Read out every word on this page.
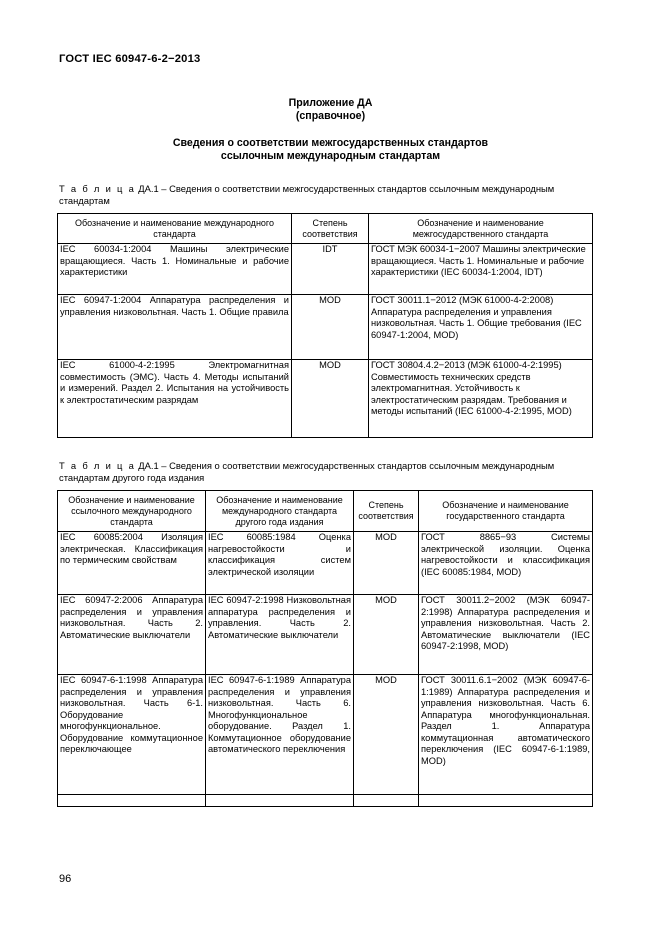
ГОСТ IEC 60947-6-2−2013
Приложение ДА
(справочное)
Сведения о соответствии межгосударственных стандартов
ссылочным международным стандартам
Т а б л и ц а ДА.1 – Сведения о соответствии межгосударственных стандартов ссылочным международным стандартам
Обозначение и наименование международного стандарта	Степень соответствия	Обозначение и наименование межгосударственного стандарта
IEC 60034-1:2004 Машины электрические вращающиеся. Часть 1. Номинальные и рабочие характеристики	IDT	ГОСТ МЭК 60034-1−2007 Машины электрические вращающиеся. Часть 1. Номинальные и рабочие характеристики (IEC 60034-1:2004, IDT)
IEC 60947-1:2004 Аппаратура распределения и управления низковольтная. Часть 1. Общие правила	MOD	ГОСТ 30011.1−2012 (МЭК 61000-4-2:2008) Аппаратура распределения и управления низковольтная. Часть 1. Общие требования (IEC 60947-1:2004, MOD)
IEC 61000-4-2:1995 Электромагнитная совместимость (ЭМС). Часть 4. Методы испытаний и измерений. Раздел 2. Испытания на устойчивость к электростатическим разрядам	MOD	ГОСТ 30804.4.2−2013 (МЭК 61000-4-2:1995) Совместимость технических средств электромагнитная. Устойчивость к электростатическим разрядам. Требования и методы испытаний (IEC 61000-4-2:1995, MOD)
Т а б л и ц а ДА.1 – Сведения о соответствии межгосударственных стандартов ссылочным международным стандартам другого года издания
Обозначение и наименование ссылочного международного стандарта	Обозначение и наименование международного стандарта другого года издания	Степень соответствия	Обозначение и наименование государственного стандарта
IEC 60085:2004 Изоляция электрическая. Классификация по термическим свойствам	IEC 60085:1984 Оценка нагревостойкости и классификация систем электрической изоляции	MOD	ГОСТ 8865−93 Системы электрической изоляции. Оценка нагревостойкости и классификация (IEC 60085:1984, MOD)
IEC 60947-2:2006 Аппаратура распределения и управления низковольтная. Часть 2. Автоматические выключатели	IEC 60947-2:1998 Низковольтная аппаратура распределения и управления. Часть 2. Автоматические выключатели	MOD	ГОСТ 30011.2−2002 (МЭК 60947-2:1998) Аппаратура распределения и управления низковольтная. Часть 2. Автоматические выключатели (IEC 60947-2:1998, MOD)
IEC 60947-6-1:1998 Аппаратура распределения и управления низковольтная. Часть 6-1. Оборудование многофункциональное. Оборудование коммутационное переключающее	IEC 60947-6-1:1989 Аппаратура распределения и управления низковольтная. Часть 6. Многофункциональное оборудование. Раздел 1. Коммутационное оборудование автоматического переключения	MOD	ГОСТ 30011.6.1−2002 (МЭК 60947-6-1:1989) Аппаратура распределения и управления низковольтная. Часть 6. Аппаратура многофункциональная. Раздел 1. Аппаратура коммутационная автоматического переключения (IEC 60947-6-1:1989, MOD)

96
